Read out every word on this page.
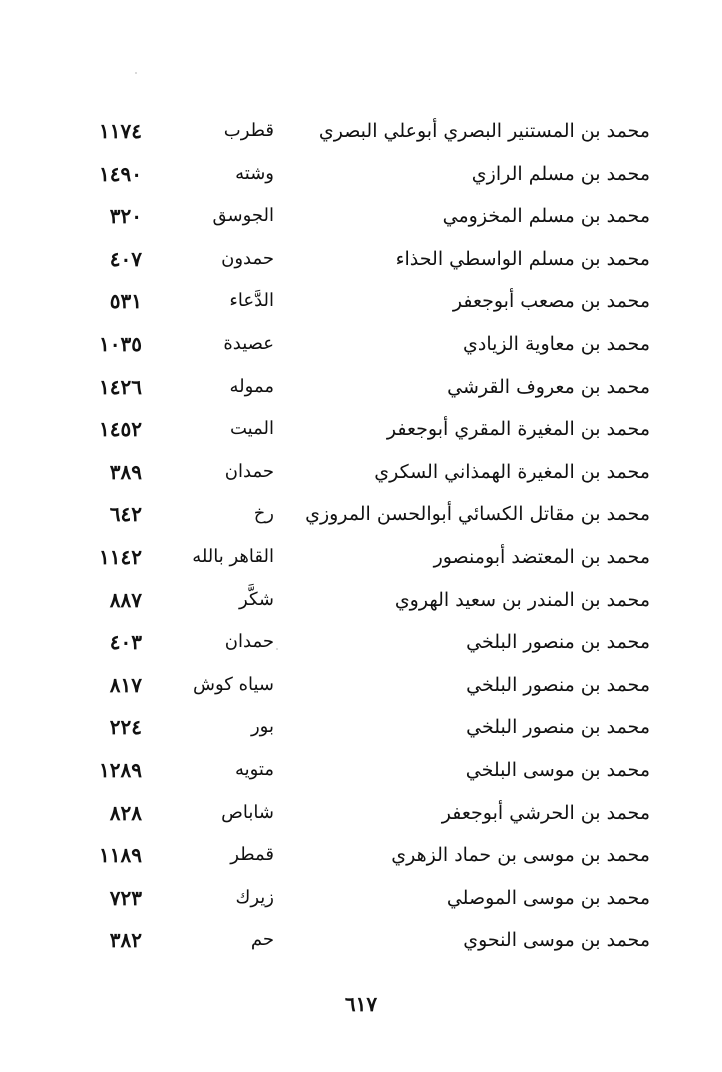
محمد بن المستنير البصري أبوعلي البصري
قطرب
١١٧٤
محمد بن مسلم الرازي
وشته
١٤٩٠
محمد بن مسلم المخزومي
الجوسق
٣٢٠
محمد بن مسلم الواسطي الحذاء
حمدون
٤٠٧
محمد بن مصعب أبوجعفر
الدَّعاء
٥٣١
محمد بن معاوية الزيادي
عصيدة
١٠٣٥
محمد بن معروف القرشي
مموله
١٤٢٦
محمد بن المغيرة المقري أبوجعفر
الميت
١٤٥٢
محمد بن المغيرة الهمذاني السكري
حمدان
٣٨٩
محمد بن مقاتل الكسائي أبوالحسن المروزي
رخ
٦٤٢
محمد بن المعتضد أبومنصور
القاهر بالله
١١٤٢
محمد بن المندر بن سعيد الهروي
شكَّر
٨٨٧
محمد بن منصور البلخي
حمدان
٤٠٣
محمد بن منصور البلخي
سياه كوش
٨١٧
محمد بن منصور البلخي
بور
٢٢٤
محمد بن موسى البلخي
متويه
١٢٨٩
محمد بن الحرشي أبوجعفر
شاباص
٨٢٨
محمد بن موسى بن حماد الزهري
قمطر
١١٨٩
محمد بن موسى الموصلي
زيرك
٧٢٣
محمد بن موسى النحوي
حم
٣٨٢
٦١٧
